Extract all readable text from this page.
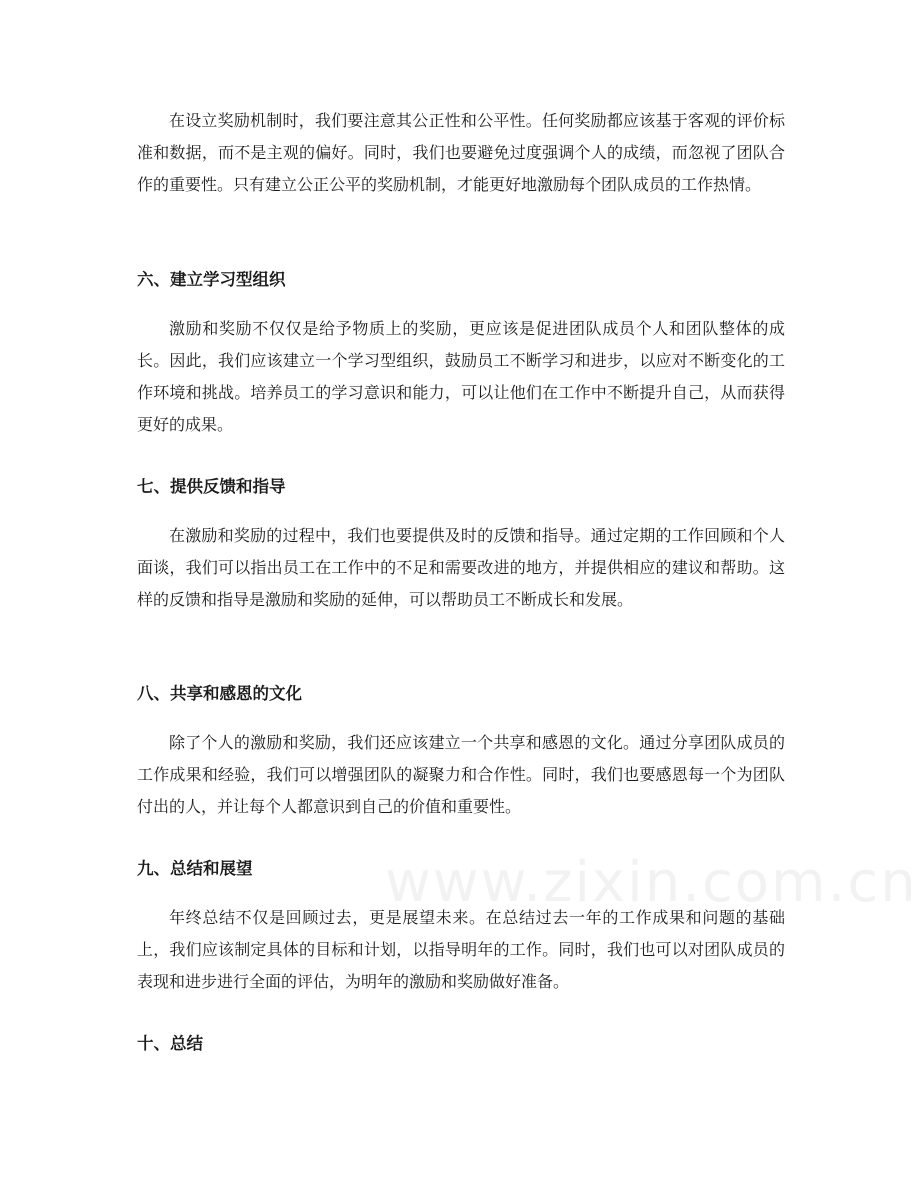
在设立奖励机制时，我们要注意其公正性和公平性。任何奖励都应该基于客观的评价标准和数据，而不是主观的偏好。同时，我们也要避免过度强调个人的成绩，而忽视了团队合作的重要性。只有建立公正公平的奖励机制，才能更好地激励每个团队成员的工作热情。

六、建立学习型组织

激励和奖励不仅仅是给予物质上的奖励，更应该是促进团队成员个人和团队整体的成长。因此，我们应该建立一个学习型组织，鼓励员工不断学习和进步，以应对不断变化的工作环境和挑战。培养员工的学习意识和能力，可以让他们在工作中不断提升自己，从而获得更好的成果。

七、提供反馈和指导

在激励和奖励的过程中，我们也要提供及时的反馈和指导。通过定期的工作回顾和个人面谈，我们可以指出员工在工作中的不足和需要改进的地方，并提供相应的建议和帮助。这样的反馈和指导是激励和奖励的延伸，可以帮助员工不断成长和发展。

八、共享和感恩的文化

除了个人的激励和奖励，我们还应该建立一个共享和感恩的文化。通过分享团队成员的工作成果和经验，我们可以增强团队的凝聚力和合作性。同时，我们也要感恩每一个为团队付出的人，并让每个人都意识到自己的价值和重要性。

九、总结和展望

年终总结不仅是回顾过去，更是展望未来。在总结过去一年的工作成果和问题的基础上，我们应该制定具体的目标和计划，以指导明年的工作。同时，我们也可以对团队成员的表现和进步进行全面的评估，为明年的激励和奖励做好准备。

十、总结
www.zixin.com.cn
